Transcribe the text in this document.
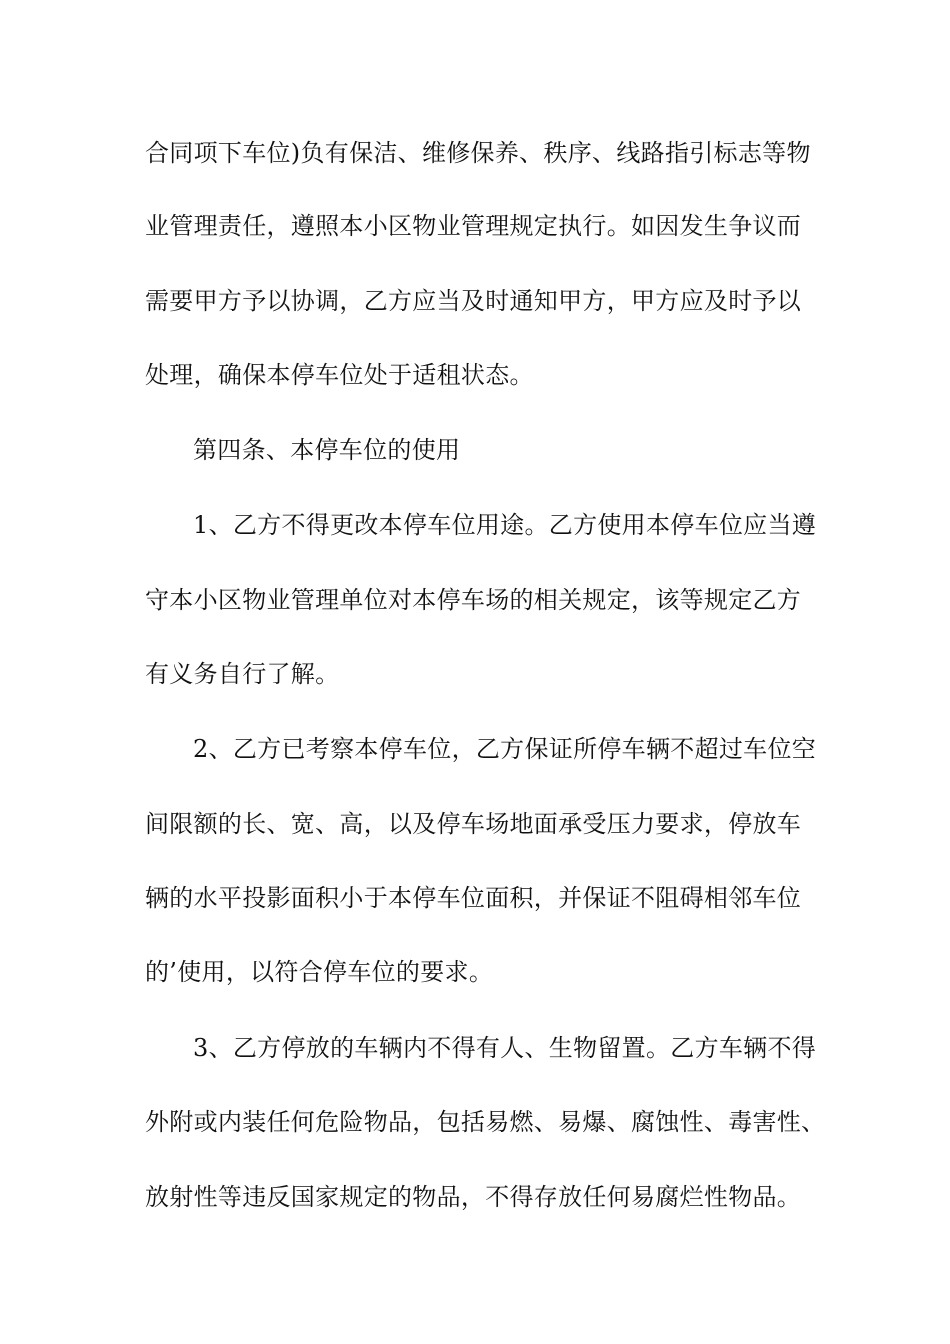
合同项下车位)负有保洁、维修保养、秩序、线路指引标志等物
业管理责任，遵照本小区物业管理规定执行。如因发生争议而
需要甲方予以协调，乙方应当及时通知甲方，甲方应及时予以
处理，确保本停车位处于适租状态。
第四条、本停车位的使用
1、乙方不得更改本停车位用途。乙方使用本停车位应当遵
守本小区物业管理单位对本停车场的相关规定，该等规定乙方
有义务自行了解。
2、乙方已考察本停车位，乙方保证所停车辆不超过车位空
间限额的长、宽、高，以及停车场地面承受压力要求，停放车
辆的水平投影面积小于本停车位面积，并保证不阻碍相邻车位
的’使用，以符合停车位的要求。
3、乙方停放的车辆内不得有人、生物留置。乙方车辆不得
外附或内装任何危险物品，包括易燃、易爆、腐蚀性、毒害性、
放射性等违反国家规定的物品，不得存放任何易腐烂性物品。
